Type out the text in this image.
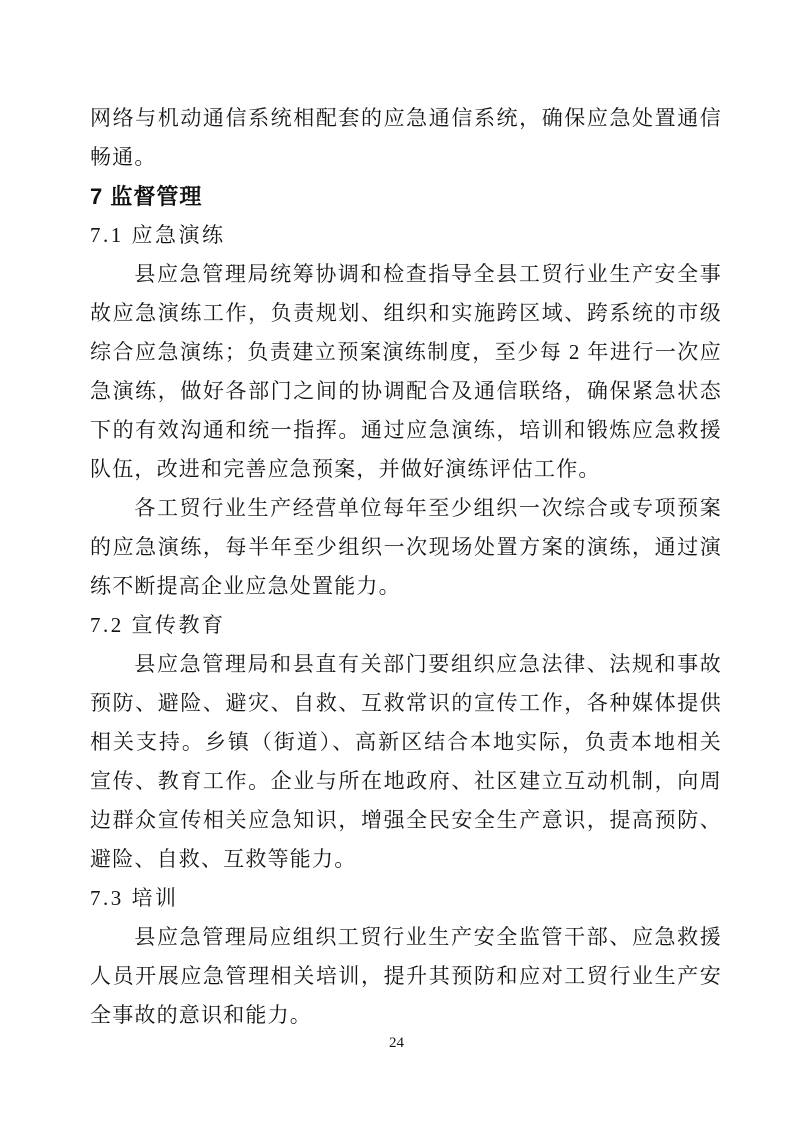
网络与机动通信系统相配套的应急通信系统，确保应急处置通信畅通。

7 监督管理
7.1 应急演练

县应急管理局统筹协调和检查指导全县工贸行业生产安全事故应急演练工作，负责规划、组织和实施跨区域、跨系统的市级综合应急演练；负责建立预案演练制度，至少每 2 年进行一次应急演练，做好各部门之间的协调配合及通信联络，确保紧急状态下的有效沟通和统一指挥。通过应急演练，培训和锻炼应急救援队伍，改进和完善应急预案，并做好演练评估工作。

各工贸行业生产经营单位每年至少组织一次综合或专项预案的应急演练，每半年至少组织一次现场处置方案的演练，通过演练不断提高企业应急处置能力。

7.2 宣传教育

县应急管理局和县直有关部门要组织应急法律、法规和事故预防、避险、避灾、自救、互救常识的宣传工作，各种媒体提供相关支持。乡镇（街道）、高新区结合本地实际，负责本地相关宣传、教育工作。企业与所在地政府、社区建立互动机制，向周边群众宣传相关应急知识，增强全民安全生产意识，提高预防、避险、自救、互救等能力。

7.3 培训

县应急管理局应组织工贸行业生产安全监管干部、应急救援人员开展应急管理相关培训，提升其预防和应对工贸行业生产安全事故的意识和能力。

24
